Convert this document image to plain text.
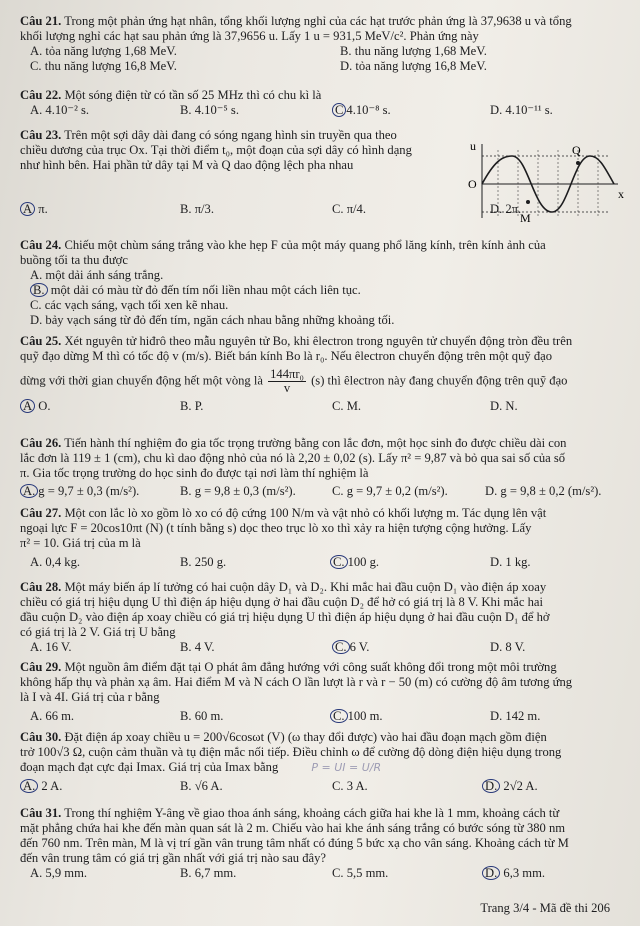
Câu 21. Trong một phản ứng hạt nhân, tổng khối lượng nghỉ của các hạt trước phản ứng là 37,9638 u và tổng

khối lượng nghỉ các hạt sau phản ứng là 37,9656 u. Lấy 1 u = 931,5 MeV/c². Phản ứng này

A. tỏa năng lượng 1,68 MeV.	B. thu năng lượng 1,68 MeV.
C. thu năng lượng 16,8 MeV.	D. tỏa năng lượng 16,8 MeV.

Câu 22. Một sóng điện từ có tần số 25 MHz thì có chu kì là

A. 4.10⁻² s.	B. 4.10⁻⁵ s.	C 4.10⁻⁸ s.	D. 4.10⁻¹¹ s.

Câu 23. Trên một sợi dây dài đang có sóng ngang hình sin truyền qua theo

chiều dương của trục Ox. Tại thời điểm t₀, một đoạn của sợi dây có hình dạng

như hình bên. Hai phần tử dây tại M và Q dao động lệch pha nhau

u
O
x
Q
M
A π.	B. π/3.	C. π/4.	D. 2π.

Câu 24. Chiếu một chùm sáng trắng vào khe hẹp F của một máy quang phổ lăng kính, trên kính ảnh của

buồng tối ta thu được

A. một dải ánh sáng trắng.

B. một dải có màu từ đỏ đến tím nối liền nhau một cách liên tục.

C. các vạch sáng, vạch tối xen kẽ nhau.

D. bảy vạch sáng từ đỏ đến tím, ngăn cách nhau bằng những khoảng tối.

Câu 25. Xét nguyên tử hiđrô theo mẫu nguyên tử Bo, khi êlectron trong nguyên tử chuyển động tròn đều trên

quỹ đạo dừng M thì có tốc độ v (m/s). Biết bán kính Bo là r₀. Nếu êlectron chuyển động trên một quỹ đạo

dừng với thời gian chuyển động hết một vòng là $\frac{\text{144πr₀}}{v} (s)$ thì êlectron này đang chuyển động trên quỹ đạo

A O.	B. P.	C. M.	D. N.

Câu 26. Tiến hành thí nghiệm đo gia tốc trọng trường bằng con lắc đơn, một học sinh đo được chiều dài con

lắc đơn là 119 ± 1 (cm), chu kì dao động nhỏ của nó là 2,20 ± 0,02 (s). Lấy π² = 9,87 và bỏ qua sai số của số

π. Gia tốc trọng trường do học sinh đo được tại nơi làm thí nghiệm là

A. g = 9,7 ± 0,3 (m/s²).	B. g = 9,8 ± 0,3 (m/s²).	C. g = 9,7 ± 0,2 (m/s²).	D. g = 9,8 ± 0,2 (m/s²).

Câu 27. Một con lắc lò xo gồm lò xo có độ cứng 100 N/m và vật nhỏ có khối lượng m. Tác dụng lên vật

ngoại lực F = 20cos10πt (N) (t tính bằng s) dọc theo trục lò xo thì xảy ra hiện tượng cộng hưởng. Lấy

π² = 10. Giá trị của m là

A. 0,4 kg.	B. 250 g.	C. 100 g.	D. 1 kg.

Câu 28. Một máy biến áp lí tưởng có hai cuộn dây D₁ và D₂. Khi mắc hai đầu cuộn D₁ vào điện áp xoay

chiều có giá trị hiệu dụng U thì điện áp hiệu dụng ở hai đầu cuộn D₂ để hở có giá trị là 8 V. Khi mắc hai

đầu cuộn D₂ vào điện áp xoay chiều có giá trị hiệu dụng U thì điện áp hiệu dụng ở hai đầu cuộn D₁ để hở

có giá trị là 2 V. Giá trị U bằng

A. 16 V.	B. 4 V.	C. 6 V.	D. 8 V.

Câu 29. Một nguồn âm điểm đặt tại O phát âm đẳng hướng với công suất không đổi trong một môi trường

không hấp thụ và phản xạ âm. Hai điểm M và N cách O lần lượt là r và r − 50 (m) có cường độ âm tương ứng

là I và 4I. Giá trị của r bằng

A. 66 m.	B. 60 m.	C. 100 m.	D. 142 m.

Câu 30. Đặt điện áp xoay chiều u = 200√6cosωt (V) (ω thay đổi được) vào hai đầu đoạn mạch gồm điện

trở 100√3 Ω, cuộn cảm thuần và tụ điện mắc nối tiếp. Điều chỉnh ω để cường độ dòng điện hiệu dụng trong

đoạn mạch đạt cực đại Imax. Giá trị của Imax bằng	P = UI = U/R

A. 2 A.	B. √6 A.	C. 3 A.	D. 2√2 A.

Câu 31. Trong thí nghiệm Y-âng về giao thoa ánh sáng, khoảng cách giữa hai khe là 1 mm, khoảng cách từ

mặt phẳng chứa hai khe đến màn quan sát là 2 m. Chiếu vào hai khe ánh sáng trắng có bước sóng từ 380 nm

đến 760 nm. Trên màn, M là vị trí gần vân trung tâm nhất có đúng 5 bức xạ cho vân sáng. Khoảng cách từ M

đến vân trung tâm có giá trị gần nhất với giá trị nào sau đây?

A. 5,9 mm.	B. 6,7 mm.	C. 5,5 mm.	D. 6,3 mm.
Trang 3/4 - Mã đề thi 206
